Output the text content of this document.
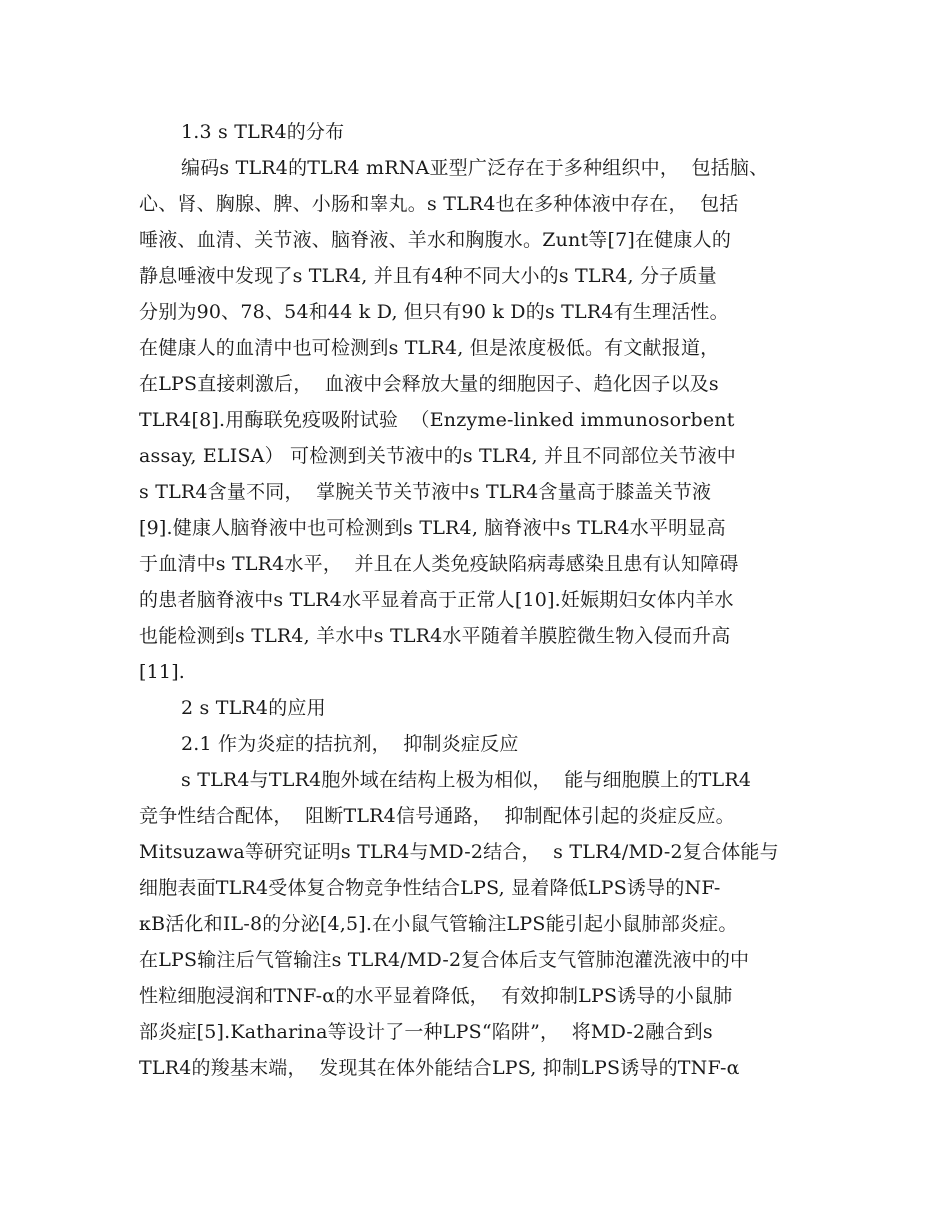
1.3 s TLR4的分布
编码s TLR4的TLR4 mRNA亚型广泛存在于多种组织中，  包括脑、
心、肾、胸腺、脾、小肠和睾丸。s TLR4也在多种体液中存在，  包括
唾液、血清、关节液、脑脊液、羊水和胸腹水。Zunt等[7]在健康人的
静息唾液中发现了s TLR4, 并且有4种不同大小的s TLR4, 分子质量
分别为90、78、54和44 k D, 但只有90 k D的s TLR4有生理活性。
在健康人的血清中也可检测到s TLR4, 但是浓度极低。有文献报道，
在LPS直接刺激后，  血液中会释放大量的细胞因子、趋化因子以及s
TLR4[8].用酶联免疫吸附试验  （Enzyme-linked immunosorbent
assay, ELISA） 可检测到关节液中的s TLR4, 并且不同部位关节液中
s TLR4含量不同，  掌腕关节关节液中s TLR4含量高于膝盖关节液
[9].健康人脑脊液中也可检测到s TLR4, 脑脊液中s TLR4水平明显高
于血清中s TLR4水平，  并且在人类免疫缺陷病毒感染且患有认知障碍
的患者脑脊液中s TLR4水平显着高于正常人[10].妊娠期妇女体内羊水
也能检测到s TLR4, 羊水中s TLR4水平随着羊膜腔微生物入侵而升高
[11].
2 s TLR4的应用
2.1 作为炎症的拮抗剂，  抑制炎症反应
s TLR4与TLR4胞外域在结构上极为相似，  能与细胞膜上的TLR4
竞争性结合配体，  阻断TLR4信号通路，  抑制配体引起的炎症反应。
Mitsuzawa等研究证明s TLR4与MD-2结合，  s TLR4/MD-2复合体能与
细胞表面TLR4受体复合物竞争性结合LPS, 显着降低LPS诱导的NF-
κB活化和IL-8的分泌[4,5].在小鼠气管输注LPS能引起小鼠肺部炎症。
在LPS输注后气管输注s TLR4/MD-2复合体后支气管肺泡灌洗液中的中
性粒细胞浸润和TNF-α的水平显着降低，  有效抑制LPS诱导的小鼠肺
部炎症[5].Katharina等设计了一种LPS“陷阱”，  将MD-2融合到s
TLR4的羧基末端，  发现其在体外能结合LPS, 抑制LPS诱导的TNF-α
